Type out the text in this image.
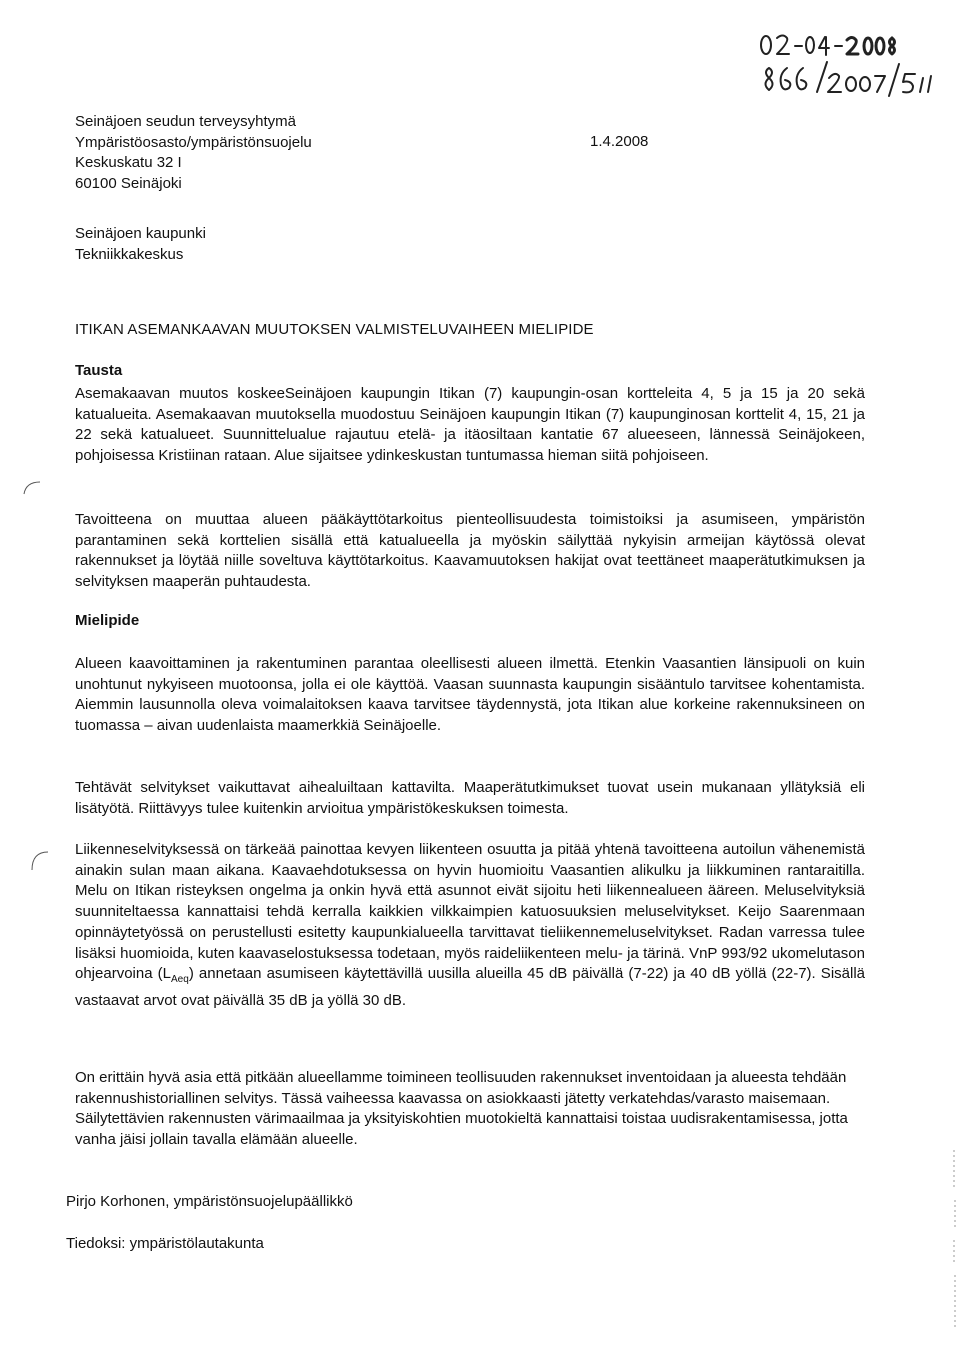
Seinäjoen seudun terveysyhtymä
Ympäristöosasto/ympäristönsuojelu
Keskuskatu 32 I
60100 Seinäjoki
1.4.2008
Seinäjoen kaupunki
Tekniikkakeskus
ITIKAN ASEMANKAAVAN MUUTOKSEN VALMISTELUVAIHEEN MIELIPIDE
Tausta
Asemakaavan muutos koskeeSeinäjoen kaupungin Itikan (7) kaupungin-osan kortteleita 4, 5 ja 15 ja 20 sekä katualueita. Asemakaavan muutoksella muodostuu Seinäjoen kaupungin Itikan (7) kaupunginosan korttelit 4, 15, 21 ja 22 sekä katualueet. Suunnittelualue rajautuu etelä- ja itäosiltaan kantatie 67 alueeseen, lännessä Seinäjokeen, pohjoisessa Kristiinan rataan. Alue sijaitsee ydinkeskustan tuntumassa hieman siitä pohjoiseen.
Tavoitteena on muuttaa alueen pääkäyttötarkoitus pienteollisuudesta toimistoiksi ja asumiseen, ympäristön parantaminen sekä korttelien sisällä että katualueella ja myöskin säilyttää nykyisin armeijan käytössä olevat rakennukset ja löytää niille soveltuva käyttötarkoitus. Kaavamuutoksen hakijat ovat teettäneet maaperätutkimuksen ja selvityksen maaperän puhtaudesta.
Mielipide
Alueen kaavoittaminen ja rakentuminen parantaa oleellisesti alueen ilmettä. Etenkin Vaasantien länsipuoli on kuin unohtunut nykyiseen muotoonsa, jolla ei ole käyttöä. Vaasan suunnasta kaupungin sisääntulo tarvitsee kohentamista. Aiemmin lausunnolla oleva voimalaitoksen kaava tarvitsee täydennystä, jota Itikan alue korkeine rakennuksineen on tuomassa – aivan uudenlaista maamerkkiä Seinäjoelle.
Tehtävät selvitykset vaikuttavat aihealuiltaan kattavilta. Maaperätutkimukset tuovat usein mukanaan yllätyksiä eli lisätyötä. Riittävyys tulee kuitenkin arvioitua ympäristökeskuksen toimesta.
Liikenneselvityksessä on tärkeää painottaa kevyen liikenteen osuutta ja pitää yhtenä tavoitteena autoilun vähenemistä ainakin sulan maan aikana. Kaavaehdotuksessa on hyvin huomioitu Vaasantien alikulku ja liikkuminen rantaraitilla. Melu on Itikan risteyksen ongelma ja onkin hyvä että asunnot eivät sijoitu heti liikennealueen ääreen. Meluselvityksiä suunniteltaessa kannattaisi tehdä kerralla kaikkien vilkkaimpien katuosuuksien meluselvitykset. Keijo Saarenmaan opinnäytetyössä on perustellusti esitetty kaupunkialueella tarvittavat tieliikennemeluselvitykset. Radan varressa tulee lisäksi huomioida, kuten kaavaselostuksessa todetaan, myös raideliikenteen melu- ja tärinä. VnP 993/92 ukomelutason ohjearvoina $(L_{Aeq})$ annetaan asumiseen käytettävillä uusilla alueilla 45 dB päivällä (7-22) ja 40 dB yöllä (22-7). Sisällä vastaavat arvot ovat päivällä 35 dB ja yöllä 30 dB.
On erittäin hyvä asia että pitkään alueellamme toimineen teollisuuden rakennukset inventoidaan ja alueesta tehdään rakennushistoriallinen selvitys. Tässä vaiheessa kaavassa on asiokkaasti jätetty verkatehdas/varasto maisemaan. Säilytettävien rakennusten värimaailmaa ja yksityiskohtien muotokieltä kannattaisi toistaa uudisrakentamisessa, jotta vanha jäisi jollain tavalla elämään alueelle.
Pirjo Korhonen, ympäristönsuojelupäällikkö
Tiedoksi: ympäristölautakunta
